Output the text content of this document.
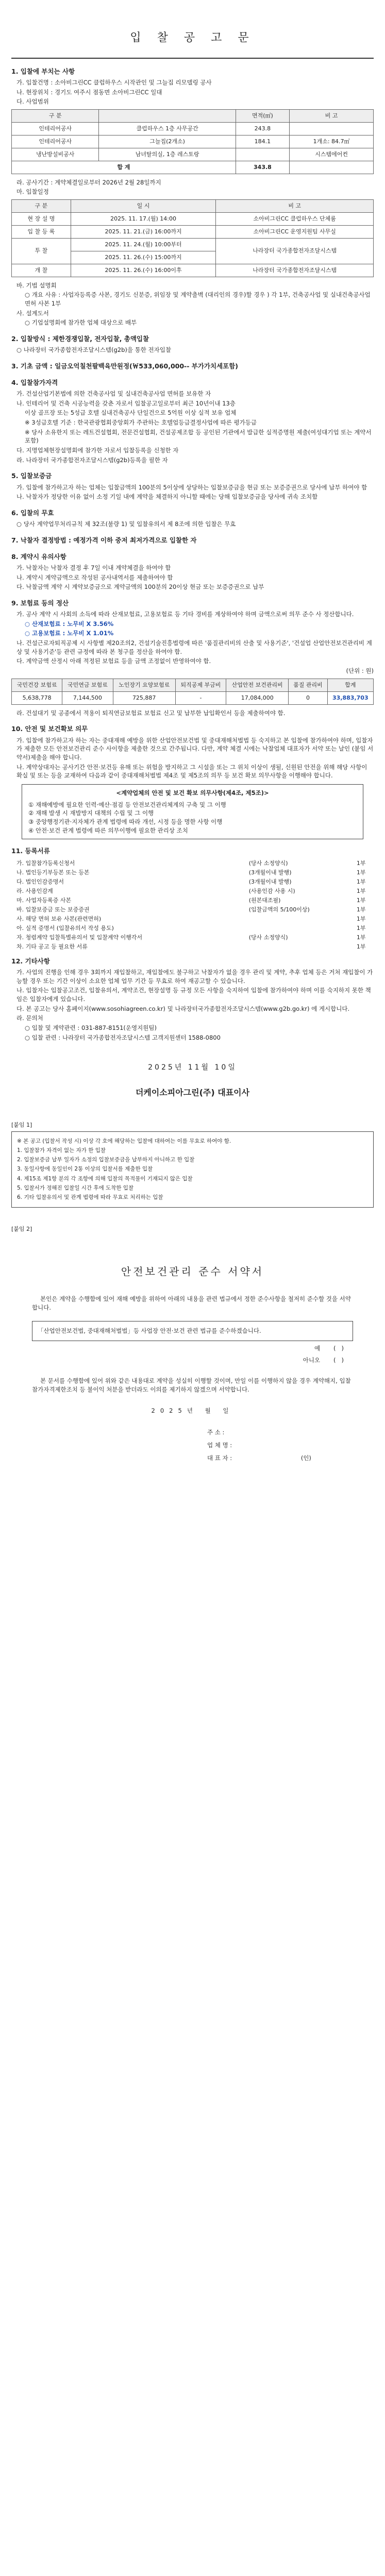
입 찰 공 고 문
1. 입찰에 부치는 사항
가. 입찰건명 : 소아비그린CC 클럽하우스 시작관인 및 그늘집 리모델링 공사
나. 현장위치 : 경기도 여주시 점동면 소아비그린CC 일대
다. 사업범위
구 분		면적(㎡)	비 고
인테리어공사	클럽하우스 1층 사무공간	243.8	
인테리어공사	그늘집(2개소)	184.1	1개소: 84.7㎡
냉난방설비공사	남녀탈의실, 1층 레스토랑		시스템에어컨
합 계		343.8	
라. 공사기간 : 계약체결일로부터 2026년 2월 28일까지
마. 입찰일정
구 분	일 시	비 고
현 장 설 명	2025. 11. 17.(월) 14:00	소아비그린CC 클럽하우스 단체룸
입 찰 등 록	2025. 11. 21.(금) 16:00까지	소아비그린CC 운영지원팀 사무실
투 찰	2025. 11. 24.(월) 10:00부터	나라장터 국가종합전자조달시스템
	2025. 11. 26.(수) 15:00까지	
개 찰	2025. 11. 26.(수) 16:00이후	나라장터 국가종합전자조달시스템
바. 기법 설명회
○ 개요 사유 : 사업자등록증 사본, 경기도 신분증, 위임장 및 계약출벽 (대리인의 경우)할 경우 ) 각 1부, 건축공사업 및 실내건축공사업 면허 사본 1부
사. 설계도서
○ 기업설명회에 참가한 업체 대상으로 배부
2. 입찰방식 : 제한경쟁입찰, 전자입찰, 총액입찰
○ 나라장터 국가종합전자조달시스템(g2b)을 통한 전자입찰
3. 기초 금액 : 일금오억칠천팔백육만원정(￦533,060,000-- 부가가치세포함)
4. 입찰참가자격
가. 건설산업기본법에 의한 건축공사업 및 실내건축공사업 면허를 보유한 자
나. 인테리어 및 건축 시공능력을 갖춘 자로서 입찰공고일로부터 최근 10년이내 13층
이상 골프장 또는 5성급 호텔 실내건축공사 단일건으로 5억원 이상 실적 보유 업체
※ 3성급호텔 기준 : 한국관광협회중앙회가 주관하는 호텔업등급결정사업에 따른 평가등급
※ 당사 소유한지 또는 레트건설협회, 전문건설협회, 건설공제조합 등 공인된 기관에서 발급한 실적증명원 제출(여성대기업 또는 계약서 포함)
다. 지명업체현장설명회에 참가한 자로서 입찰등록을 신청한 자
라. 나라장터 국가종합전자조달시스템(g2b)등록을 필한 자
5. 입찰보증금
가. 입찰에 참가하고자 하는 업체는 입찰금액의 100분의 5이상에 상당하는 입찰보증금을 현금 또는 보증증권으로 당사에 납부 하여야 함
나. 낙찰자가 정당한 이유 없이 소정 기일 내에 계약을 체결하지 아니할 때에는 당해 입찰보증금을 당사에 귀속 조치함
6. 입찰의 무효
○ 당사 계약업무처리규칙 제 32조(불량 1) 및 입찰유의서 제 8조에 의한 입찰은 무효
7. 낙찰자 결정방법 : 예정가격 이하 중저 최저가격으로 입찰한 자
8. 계약시 유의사항
가. 낙찰자는 낙찰자 결정 후 7일 이내 계약체결을 하여야 함
나. 계약시 계약금액으로 작성된 공사내역서를 제출하여야 함
다. 낙찰금액 계약 시 계약보증금으로 계약금액의 100분의 20이상 현금 또는 보증증권으로 납부
9. 보험료 등의 정산
가. 공사 계약 시 사회의 소득에 따라 산재보험료, 고용보험료 등 기타 경비를 계상하여야 하며 금액으로써 의무 준수 사 정산합니다.
○ 산재보험료 : 노무비 X 3.56%
○ 고용보험료 : 노무비 X 1.01%
나. 건설근로자퇴직공제 시 사항별 제20조의2, 건설기술진흥법령에 따른 '품질관리비의 산출 및 사용기준', '건설업 산업안전보건관리비 계상 및 사용기준'등 관련 규정에 따라 본 청구를 정산을 하여야 함.
다. 계약금액 산정시 아래 적정된 보험료 등을 금액 조정없이 반영하여야 함.
(단위 : 원)
국민건강 보험료	국민연금 보험료	노인장기 요양보험료	퇴직공제 부금비	산업안전 보건관리비	품질 관리비	합계
5,638,778	7,144,500	725,887	-	17,084,000	0	33,883,703
라. 건설대기 및 공종에서 적용이 퇴직연금보험료 보험료 신고 및 납부한 납입확인서 등을 제출하여야 함.
10. 안전 및 보건확보 의무
가. 입찰에 참가하고자 하는 자는 중대재해 예방을 위한 산업안전보건법 및 중대재해처벌법 등 숙지하고 본 입찰에 참가하여야 하며, 입찰자가 제출한 모든 안전보건관리 준수 사이항을 제출한 것으로 간주됩니다. 다만, 계약 체결 시에는 낙찰업체 대표자가 서약 또는 날인 (붙임 서약서)제출을 해야 합니다.
나. 계약상대자는 공사기간 안전·보건등 유해 또는 위험을 방지하고 그 시설을 또는 그 위치 이상이 생될, 신원된 안전을 위해 해당 사항이 확실 및 또는 등을 교재하여 다음과 같이 중대재해처벌법 제4조 및 제5조의 의무 등 보건 확보 의무사항을 이행해야 합니다.
<계약업체의 안전 및 보건 확보 의무사항(제4조, 제5조)>
① 재해예방에 필요한 인력·예산·점검 등 안전보건관리체계의 구축 및 그 이행
② 재해 발생 시 재발방지 대책의 수립 및 그 이행
③ 중앙행정기관·지자체가 관계 법령에 따라 개선, 시정 등을 명한 사항 이행
④ 안전·보건 관계 법령에 따른 의무이행에 필요한 관리상 조치
11. 등록서류
가. 입찰참가등록신청서	(당사 소정양식)	1부
나. 법인등기부등본 또는 등본	(3개월이내 발행)	1부
다. 법인인감증명서	(3개월이내 발행)	1부
라. 사용인감계	(사용인감 사용 시)	1부
마. 사업자등록증 사본	(원본대조필)	1부
바. 입찰보증금 또는 보증증권	(입찰금액의 5/100이상)	1부
사. 해당 면허 보유 사본(관련면허)		1부
아. 실적 증명서 (입찰유의서 작성 용도)		1부
자. 청렴계약 입찰특별유의서 및 입찰계약 이행각서	(당사 소정양식)	1부
차. 기타 공고 등 필요한 서류		1부
12. 기타사항
가. 사업의 진행을 인해 경우 3회까지 재입찰하고, 재입찰에도 불구하고 낙찰자가 없을 경우 관리 및 계약, 추후 업체 등은 거쳐 재입찰이 가능할 경우 또는 기간 이상이 소요한 업체 업무 기간 등 무효로 하여 재공고할 수 있습니다.
나. 입찰자는 입찰공고조건, 입찰유의서, 계약조건, 현장설명 등 규정 모든 사항을 숙지하여 입찰에 참가하여야 하며 이를 숙지하지 못한 책임은 입찰자에게 있습니다.
다. 본 공고는 당사 홈페이지(www.sosohiagreen.co.kr) 및 나라장터국가종합전자조달시스템(www.g2b.go.kr) 에 게시합니다.
라. 문의처
○ 입찰 및 계약관련 : 031-887-8151(운영지원팀)
○ 입찰 관련 : 나라장터 국가종합전자조달시스템 고객지원센터 1588-0800
2025년 11월 10일
더케이소피아그린(주) 대표이사
[붙임 1]
※ 본 공고 (입찰서 작성 시) 이상 각 호에 해당하는 입찰에 대하여는 이를 무효로 하여야 함.
1. 입찰참가 자격이 없는 자가 한 입찰
2. 입찰보증금 납부 일자가 소정의 입찰보증금을 납부하지 아니하고 한 입찰
3. 동일사항에 동일인이 2통 이상의 입찰서를 제출한 입찰
4. 제15조 제1항 분의 각 조항에 의해 입찰의 목적물이 기재되지 않은 입찰
5. 입찰서가 정해진 입찰일 시간 후에 도착한 입찰
6. 기타 입찰유의서 및 관계 법령에 따라 무효로 처리하는 입찰
[붙임 2]
안전보건관리 준수 서약서
본인은 계약을 수행함에 있어 재해 예방을 위하여 아래의 내용을 관련 법규에서 정한 준수사항을 철저히 준수할 것을 서약합니다.
「산업안전보건법, 중대재해처벌법」등 사업장 안전·보건 관련 법규를 준수하겠습니다.
예 (   )
아니오 (   )
본 문서를 수행함에 있어 위와 같은 내용대로 계약을 성실히 이행할 것이며, 만일 이를 이행하지 않을 경우 계약해지, 입찰참가자격제한조치 등 불이익 처분을 받더라도 이의를 제기하지 않겠으며 서약합니다.
2025년 월 일
주 소 :
업 체 명 :
대 표 자 :	(인)
